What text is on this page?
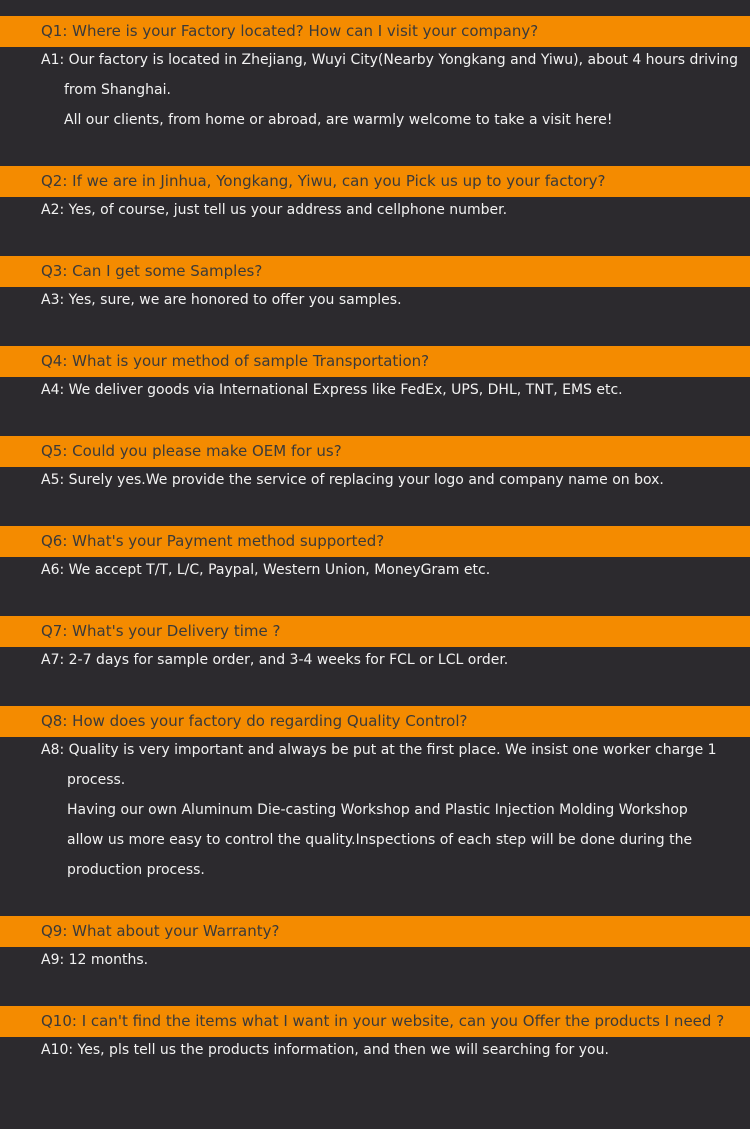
Q1: Where is your Factory located? How can I visit your company?

A1: Our factory is located in Zhejiang, Wuyi City(Nearby Yongkang and Yiwu), about 4 hours driving

from Shanghai.

All our clients, from home or abroad, are warmly welcome to take a visit here!

Q2: If we are in Jinhua, Yongkang, Yiwu, can you Pick us up to your factory?

A2: Yes, of course, just tell us your address and cellphone number.

Q3: Can I get some Samples?

A3: Yes, sure, we are honored to offer you samples.

Q4: What is your method of sample Transportation?

A4: We deliver goods via International Express like FedEx, UPS, DHL, TNT, EMS etc.

Q5: Could you please make OEM for us?

A5: Surely yes.We provide the service of replacing your logo and company name on box.

Q6: What's your Payment method supported?

A6: We accept T/T, L/C, Paypal, Western Union, MoneyGram etc.

Q7: What's your Delivery time ?

A7: 2-7 days for sample order, and 3-4 weeks for FCL or LCL order.

Q8: How does your factory do regarding Quality Control?

A8: Quality is very important and always be put at the first place. We insist one worker charge 1

process.

Having our own Aluminum Die-casting Workshop and Plastic Injection Molding Workshop

allow us more easy to control the quality.Inspections of each step will be done during the

production process.

Q9: What about your Warranty?

A9: 12 months.

Q10: I can't find the items what I want in your website, can you Offer the products I need ?

A10: Yes, pls tell us the products information, and then we will searching for you.
